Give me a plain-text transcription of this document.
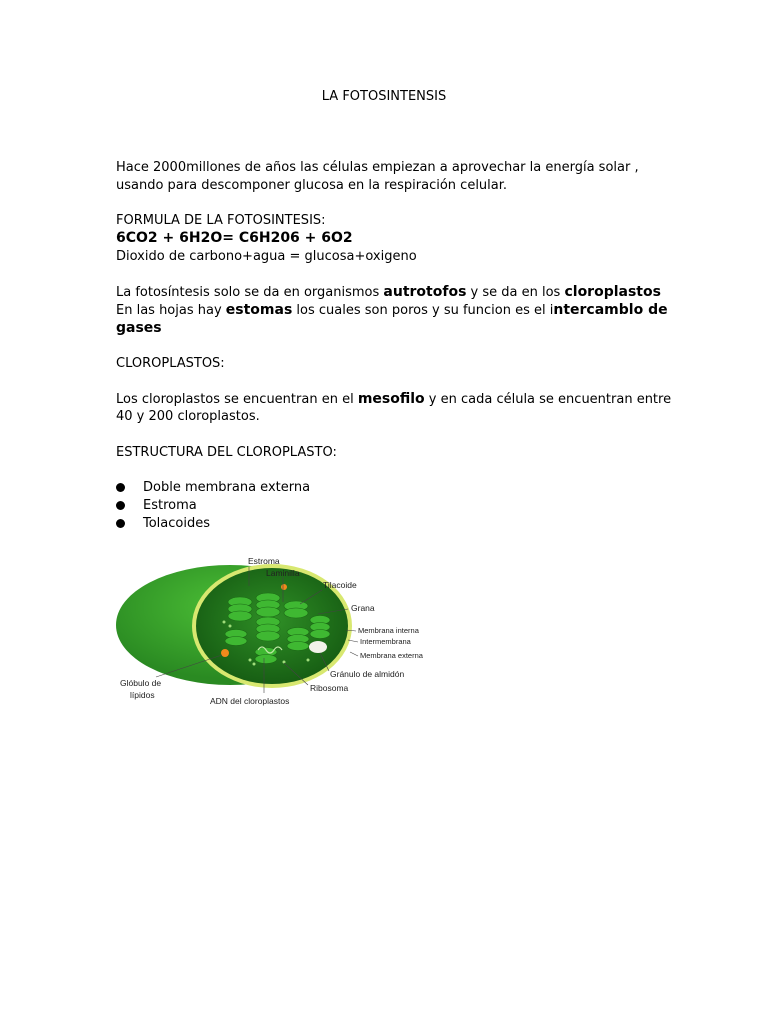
LA FOTOSINTENSIS
Hace 2000millones de años las células empiezan a aprovechar la energía solar ,
usando para descomponer glucosa en la respiración celular.
FORMULA DE LA FOTOSINTESIS:
6CO2 + 6H2O= C6H206 + 6O2
Dioxido de carbono+agua = glucosa+oxigeno
La fotosíntesis solo se da en organismos autrotofos y se da en los cloroplastos
En las hojas hay estomas los cuales son poros y su funcion es el intercamblo de
gases
CLOROPLASTOS:
Los cloroplastos se encuentran en el mesofilo y en cada célula se encuentran entre
40 y 200 cloroplastos.
ESTRUCTURA DEL CLOROPLASTO:
Doble membrana externa
Estroma
Tolacoides
Estroma
Laminilla
Tilacoide
Grana
Membrana interna
Intermembrana
Membrana externa
Gránulo de almidón
Ribosoma
ADN del cloroplastos
Glóbulo de
lípidos
